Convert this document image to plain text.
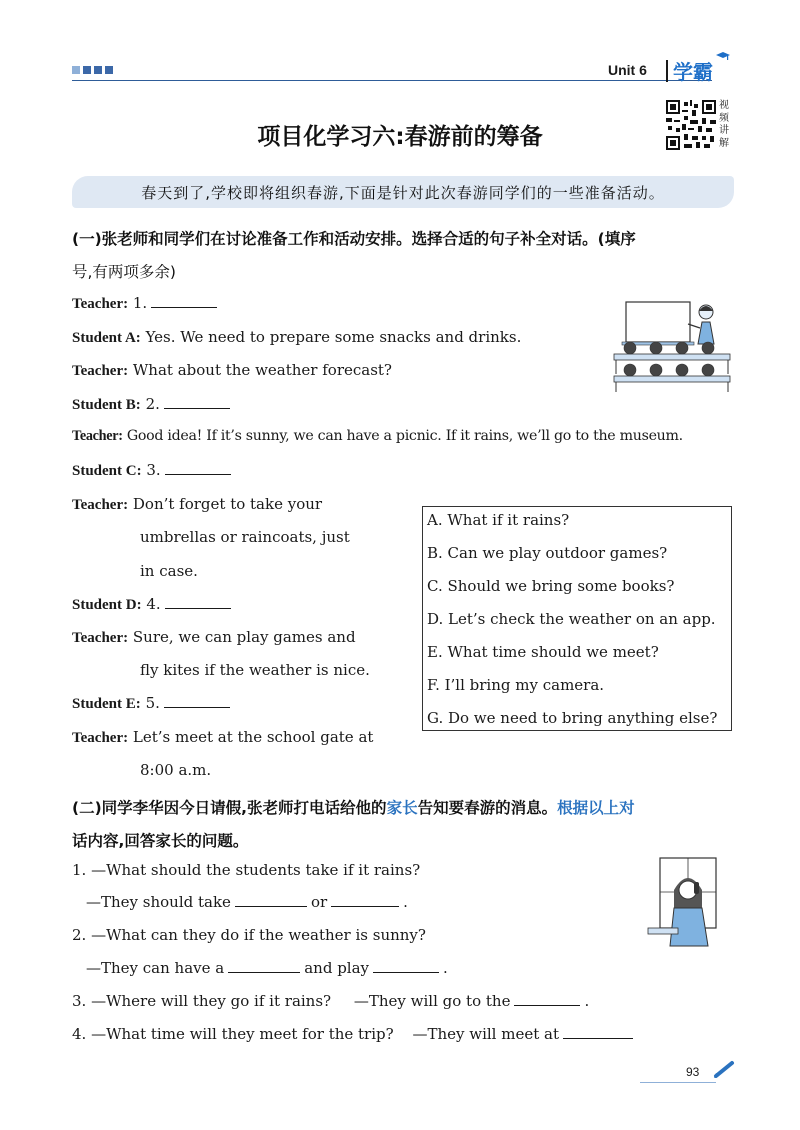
Unit 6 学霸
项目化学习六:春游前的筹备
视频讲解
春天到了,学校即将组织春游,下面是针对此次春游同学们的一些准备活动。
(一)张老师和同学们在讨论准备工作和活动安排。选择合适的句子补全对话。(填序
号,有两项多余)
Teacher: 1.
Student A: Yes. We need to prepare some snacks and drinks.
Teacher: What about the weather forecast?
Student B: 2.
Teacher: Good idea! If it’s sunny, we can have a picnic. If it rains, we’ll go to the museum.
Student C: 3.
Teacher: Don’t forget to take your
umbrellas or raincoats, just
in case.
Student D: 4.
Teacher: Sure, we can play games and
fly kites if the weather is nice.
Student E: 5.
Teacher: Let’s meet at the school gate at
8:00 a.m.
A. What if it rains?
B. Can we play outdoor games?
C. Should we bring some books?
D. Let’s check the weather on an app.
E. What time should we meet?
F. I’ll bring my camera.
G. Do we need to bring anything else?
(二)同学李华因今日请假,张老师打电话给他的家长告知要春游的消息。根据以上对
话内容,回答家长的问题。
1. —What should the students take if it rains?
—They should take	or	.
2. —What can they do if the weather is sunny?
—They can have a	and play	.
3. —Where will they go if it rains? —They will go to the	.
4. —What time will they meet for the trip? —They will meet at
93
